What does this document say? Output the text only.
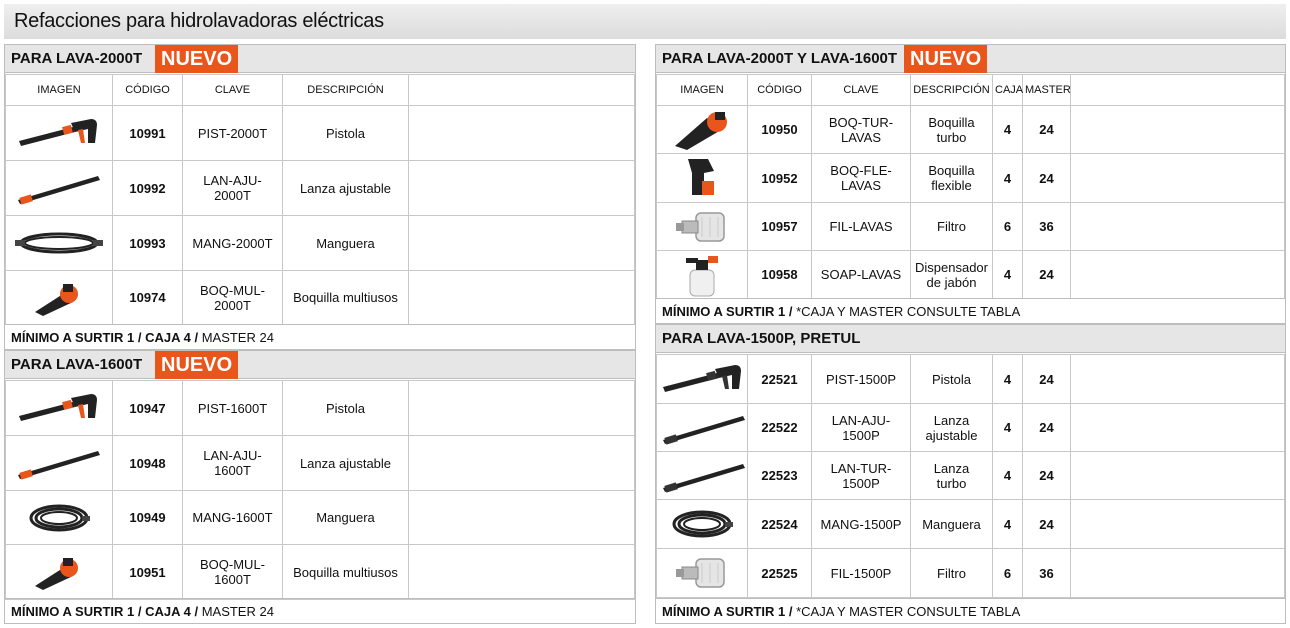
Refacciones para hidrolavadoras eléctricas
PARA LAVA-2000T NUEVO
IMAGEN	CÓDIGO	CLAVE	DESCRIPCIÓN	

	10991	PIST-2000T	Pistola	

	10992	LAN-AJU-2000T	Lanza ajustable	

	10993	MANG-2000T	Manguera	

	10974	BOQ-MUL-2000T	Boquilla multiusos	
MÍNIMO A SURTIR 1 / CAJA 4 / MASTER 24
PARA LAVA-1600T NUEVO
	10947	PIST-1600T	Pistola	

	10948	LAN-AJU-1600T	Lanza ajustable	

	10949	MANG-1600T	Manguera	

	10951	BOQ-MUL-1600T	Boquilla multiusos	
MÍNIMO A SURTIR 1 / CAJA 4 / MASTER 24
PARA LAVA-2000T Y LAVA-1600T NUEVO
IMAGEN	CÓDIGO	CLAVE	DESCRIPCIÓN	CAJA	MASTER	

	10950	BOQ-TUR-LAVAS	Boquilla
turbo	4	24	

	10952	BOQ-FLE-LAVAS	Boquilla
flexible	4	24	

	10957	FIL-LAVAS	Filtro	6	36	

	10958	SOAP-LAVAS	Dispensador
de jabón	4	24	
MÍNIMO A SURTIR 1 / *CAJA Y MASTER CONSULTE TABLA
PARA LAVA-1500P, PRETUL
	22521	PIST-1500P	Pistola	4	24	

	22522	LAN-AJU-1500P	Lanza
ajustable	4	24	

	22523	LAN-TUR-1500P	Lanza
turbo	4	24	

	22524	MANG-1500P	Manguera	4	24	

	22525	FIL-1500P	Filtro	6	36	
MÍNIMO A SURTIR 1 / *CAJA Y MASTER CONSULTE TABLA
